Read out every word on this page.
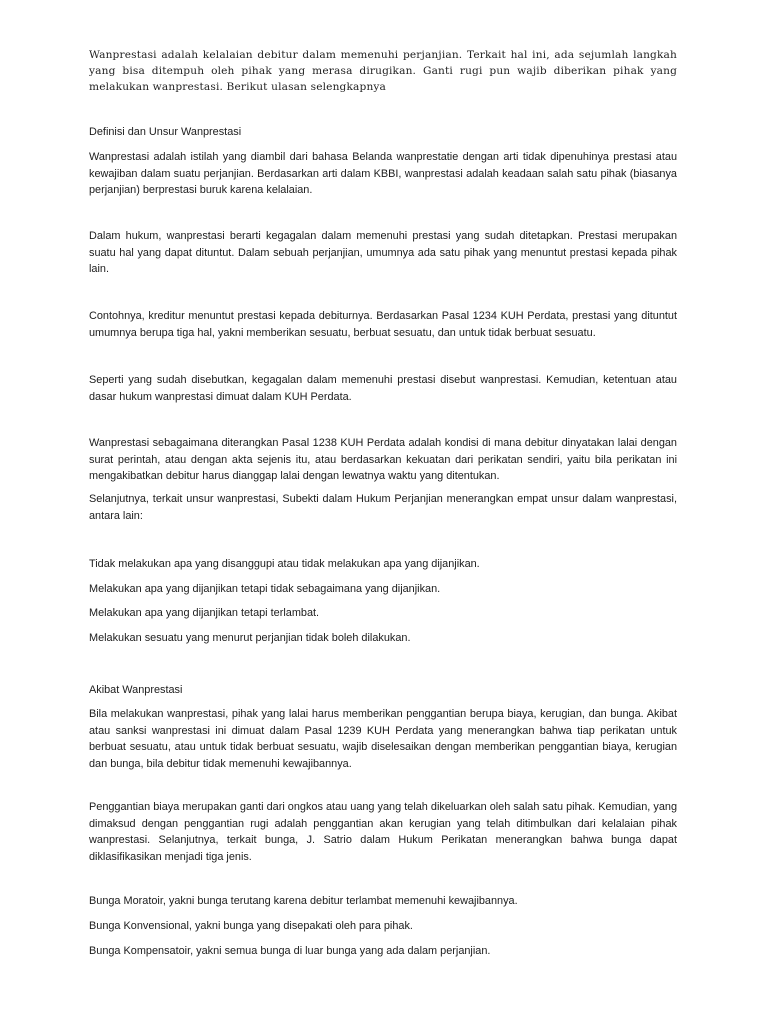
Wanprestasi adalah kelalaian debitur dalam memenuhi perjanjian. Terkait hal ini, ada sejumlah langkah yang bisa ditempuh oleh pihak yang merasa dirugikan. Ganti rugi pun wajib diberikan pihak yang melakukan wanprestasi. Berikut ulasan selengkapnya

Definisi dan Unsur Wanprestasi

Wanprestasi adalah istilah yang diambil dari bahasa Belanda wanprestatie dengan arti tidak dipenuhinya prestasi atau kewajiban dalam suatu perjanjian. Berdasarkan arti dalam KBBI, wanprestasi adalah keadaan salah satu pihak (biasanya perjanjian) berprestasi buruk karena kelalaian.

Dalam hukum, wanprestasi berarti kegagalan dalam memenuhi prestasi yang sudah ditetapkan. Prestasi merupakan suatu hal yang dapat dituntut. Dalam sebuah perjanjian, umumnya ada satu pihak yang menuntut prestasi kepada pihak lain.

Contohnya, kreditur menuntut prestasi kepada debiturnya. Berdasarkan Pasal 1234 KUH Perdata, prestasi yang dituntut umumnya berupa tiga hal, yakni memberikan sesuatu, berbuat sesuatu, dan untuk tidak berbuat sesuatu.

Seperti yang sudah disebutkan, kegagalan dalam memenuhi prestasi disebut wanprestasi. Kemudian, ketentuan atau dasar hukum wanprestasi dimuat dalam KUH Perdata.

Wanprestasi sebagaimana diterangkan Pasal 1238 KUH Perdata adalah kondisi di mana debitur dinyatakan lalai dengan surat perintah, atau dengan akta sejenis itu, atau berdasarkan kekuatan dari perikatan sendiri, yaitu bila perikatan ini mengakibatkan debitur harus dianggap lalai dengan lewatnya waktu yang ditentukan.

Selanjutnya, terkait unsur wanprestasi, Subekti dalam Hukum Perjanjian menerangkan empat unsur dalam wanprestasi, antara lain:

Tidak melakukan apa yang disanggupi atau tidak melakukan apa yang dijanjikan.

Melakukan apa yang dijanjikan tetapi tidak sebagaimana yang dijanjikan.

Melakukan apa yang dijanjikan tetapi terlambat.

Melakukan sesuatu yang menurut perjanjian tidak boleh dilakukan.

Akibat Wanprestasi

Bila melakukan wanprestasi, pihak yang lalai harus memberikan penggantian berupa biaya, kerugian, dan bunga. Akibat atau sanksi wanprestasi ini dimuat dalam Pasal 1239 KUH Perdata yang menerangkan bahwa tiap perikatan untuk berbuat sesuatu, atau untuk tidak berbuat sesuatu, wajib diselesaikan dengan memberikan penggantian biaya, kerugian dan bunga, bila debitur tidak memenuhi kewajibannya.

Penggantian biaya merupakan ganti dari ongkos atau uang yang telah dikeluarkan oleh salah satu pihak. Kemudian, yang dimaksud dengan penggantian rugi adalah penggantian akan kerugian yang telah ditimbulkan dari kelalaian pihak wanprestasi. Selanjutnya, terkait bunga, J. Satrio dalam Hukum Perikatan menerangkan bahwa bunga dapat diklasifikasikan menjadi tiga jenis.

Bunga Moratoir, yakni bunga terutang karena debitur terlambat memenuhi kewajibannya.

Bunga Konvensional, yakni bunga yang disepakati oleh para pihak.

Bunga Kompensatoir, yakni semua bunga di luar bunga yang ada dalam perjanjian.
